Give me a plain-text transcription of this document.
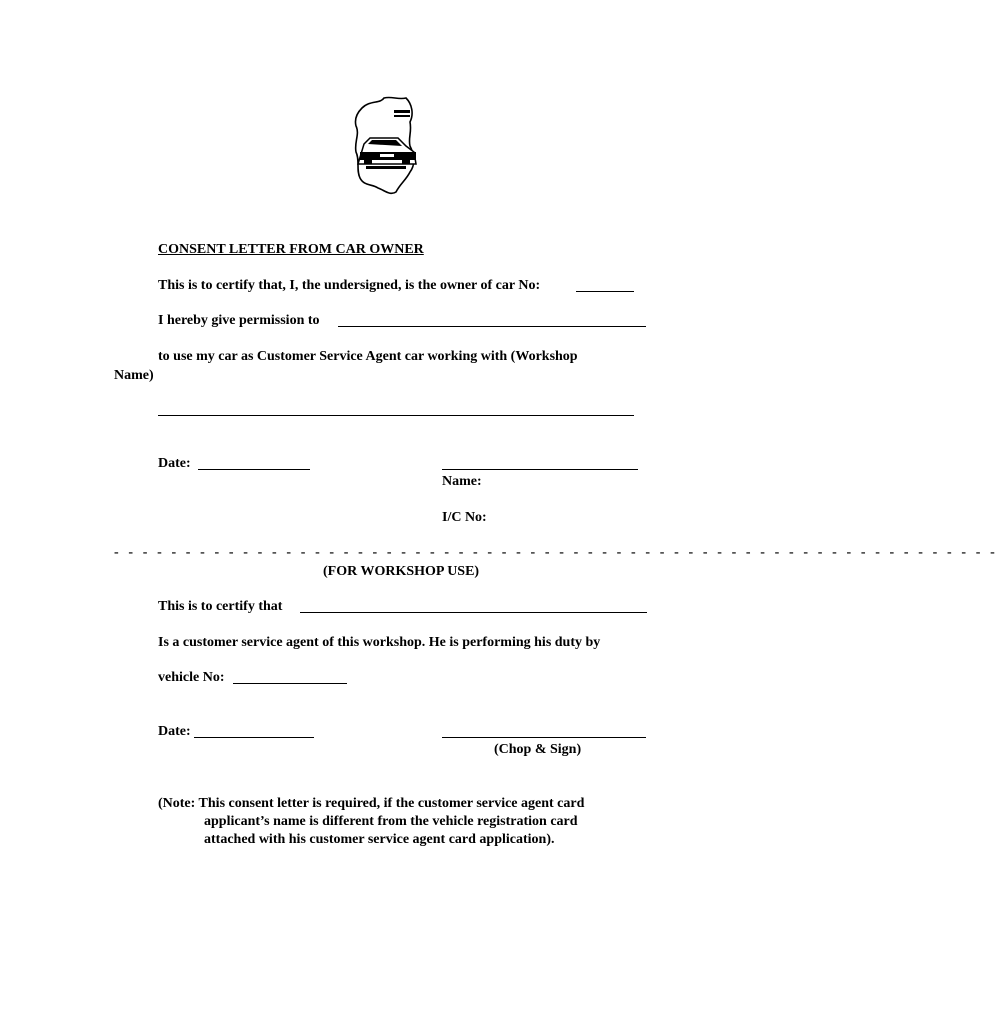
CONSENT LETTER FROM CAR OWNER
This is to certify that, I, the undersigned, is the owner of car No:
I hereby give permission to
to use my car as Customer Service Agent car working with (Workshop
Name)
Date:
Name:
I/C No:
- - - - - - - - - - - - - - - - - - - - - - - - - - - - - - - - - - - - - - - - - - - - - - - - - - - - - - - - - - - - - -
(FOR WORKSHOP USE)
This is to certify that
Is a customer service agent of this workshop. He is performing his duty by
vehicle No:
Date:
(Chop & Sign)
(Note: This consent letter is required, if the customer service agent card
applicant’s name is different from the vehicle registration card
attached with his customer service agent card application).
